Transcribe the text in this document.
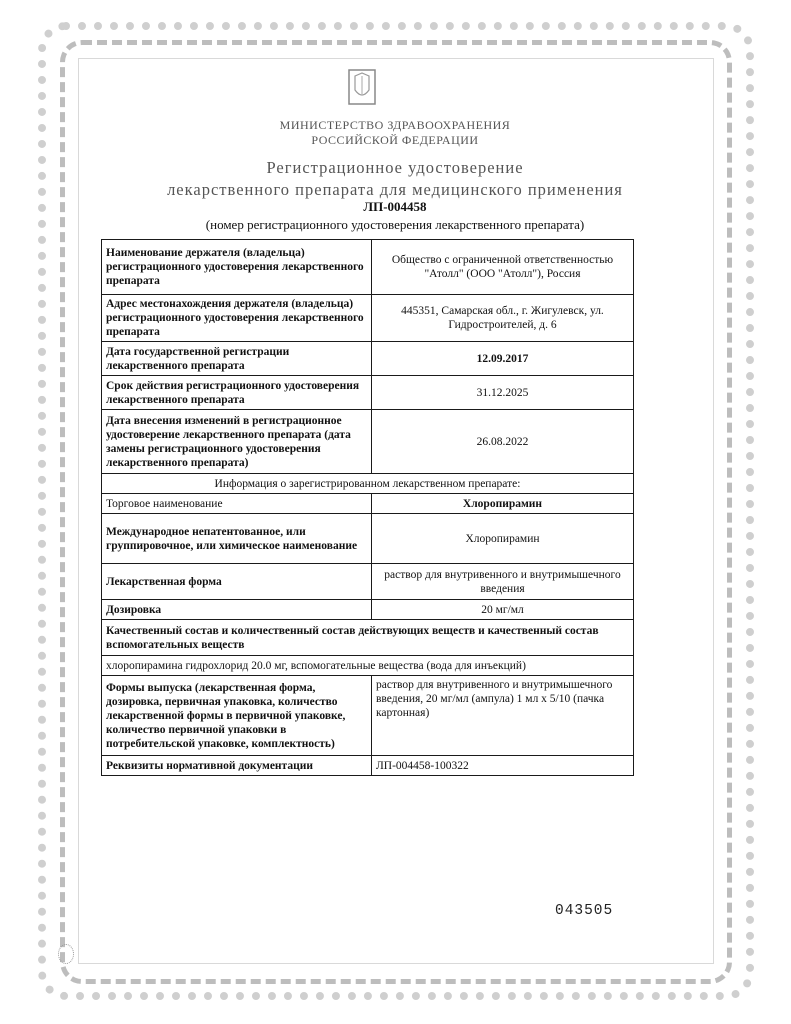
МИНИСТЕРСТВО ЗДРАВООХРАНЕНИЯ
РОССИЙСКОЙ ФЕДЕРАЦИИ
Регистрационное удостоверение
лекарственного препарата для медицинского применения
ЛП-004458
(номер регистрационного удостоверения лекарственного препарата)
Наименование держателя (владельца) регистрационного удостоверения лекарственного препарата	Общество с ограниченной ответственностью "Атолл" (ООО "Атолл"), Россия
Адрес местонахождения держателя (владельца) регистрационного удостоверения лекарственного препарата	445351, Самарская обл., г. Жигулевск, ул. Гидростроителей, д. 6
Дата государственной регистрации лекарственного препарата	12.09.2017
Срок действия регистрационного удостоверения лекарственного препарата	31.12.2025
Дата внесения изменений в регистрационное удостоверение лекарственного препарата (дата замены регистрационного удостоверения лекарственного препарата)	26.08.2022
Информация о зарегистрированном лекарственном препарате:	
Торговое наименование	Хлоропирамин
Международное непатентованное, или группировочное, или химическое наименование	Хлоропирамин
Лекарственная форма	раствор для внутривенного и внутримышечного введения
Дозировка	20 мг/мл
Качественный состав и количественный состав действующих веществ и качественный состав вспомогательных веществ	
хлоропирамина гидрохлорид 20.0 мг, вспомогательные вещества (вода для инъекций)	
Формы выпуска (лекарственная форма, дозировка, первичная упаковка, количество лекарственной формы в первичной упаковке, количество первичной упаковки в потребительской упаковке, комплектность)	раствор для внутривенного и внутримышечного введения, 20 мг/мл (ампула) 1 мл х 5/10 (пачка картонная)
Реквизиты нормативной документации	ЛП-004458-100322
043505
